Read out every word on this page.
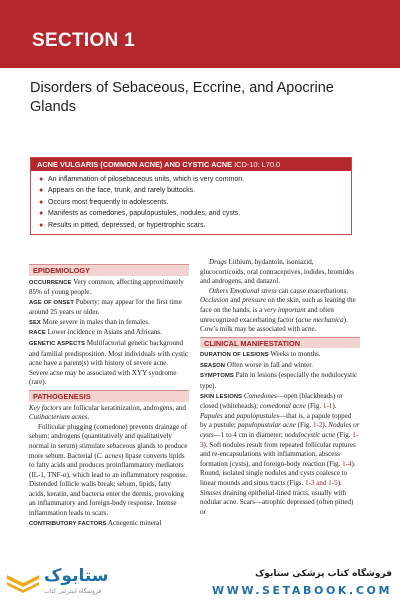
SECTION 1
Disorders of Sebaceous, Eccrine, and Apocrine Glands
ACNE VULGARIS (COMMON ACNE) AND CYSTIC ACNE ICD-10: L70.0
● An inflammation of pilosebaceous units, which is very common.
● Appears on the face, trunk, and rarely buttocks.
● Occurs most frequently in adolescents.
● Manifests as comedones, papulopustules, nodules, and cysts.
● Results in pitted, depressed, or hypertrophic scars.
EPIDEMIOLOGY

OCCURRENCE Very common, affecting approximately 85% of young people.

AGE OF ONSET Puberty; may appear for the first time around 25 years or older.

SEX More severe in males than in females.

RACE Lower incidence in Asians and Africans.

GENETIC ASPECTS Multifactorial genetic background and familial predisposition. Most individuals with cystic acne have a parent(s) with history of severe acne. Severe acne may be associated with XYY syndrome (rare).

PATHOGENESIS

Key factors are follicular keratinization, androgens, and Cutibacterium acnes.

Follicular plugging (comedone) prevents drainage of sebum; androgens (quantitatively and qualitatively normal in serum) stimulate sebaceous glands to produce more sebum. Bacterial (C. acnes) lipase converts lipids to fatty acids and produces proinflammatory mediators (IL-1, TNF-α), which lead to an inflammatory response. Distended follicle walls break; sebum, lipids, fatty acids, keratin, and bacteria enter the dermis, provoking an inflammatory and foreign-body response. Intense inflammation leads to scars.

CONTRIBUTORY FACTORS Acnegenic mineral

Drugs Lithium, hydantoin, isoniazid, glucocorticoids, oral contraceptives, iodides, bromides and androgens, and danazol.

Others Emotional stress can cause exacerbations. Occlusion and pressure on the skin, such as leaning the face on the hands, is a very important and often unrecognized exacerbating factor (acne mechanica). Cow’s milk may be associated with acne.

CLINICAL MANIFESTATION

DURATION OF LESIONS Weeks to months.

SEASON Often worse in fall and winter.

SYMPTOMS Pain in lesions (especially the nodulocystic type).

SKIN LESIONS Comedones—open (blackheads) or closed (whiteheads); comedonal acne (Fig. 1-1). Papules and papulopustules—that is, a papule topped by a pustule; papulopustular acne (Fig. 1-2). Nodules or cysts—1 to 4 cm in diameter; nodulocystic acne (Fig. 1-3). Soft nodules result from repeated follicular ruptures and re-encapsulations with inflammation, abscess formation (cysts), and foreign-body reaction (Fig. 1-4). Round, isolated single nodules and cysts coalesce to linear mounds and sinus tracts (Figs. 1-3 and 1-5). Sinuses draining epithelial-lined tracts, usually with nodular acne. Scars—atrophic depressed (often pitted) or

ستابوک
فروشگاه اینترنتی کتاب
فروشگاه کتاب پزشکی ستابوک
WWW.SETABOOK.COM
